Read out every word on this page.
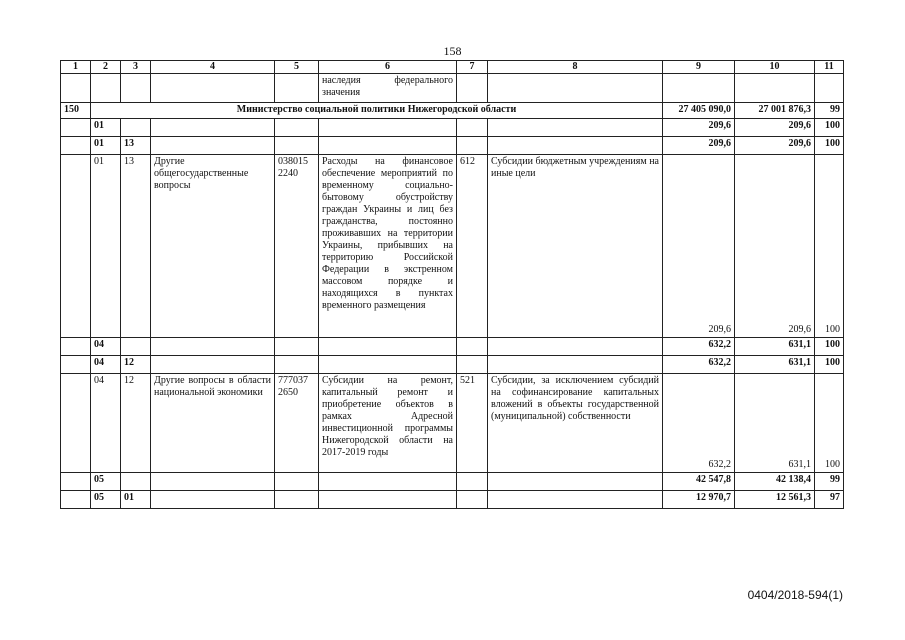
158
1	2	3	4	5	6	7	8	9	10	11
					наследия федерального значения					
150	Министерство социальной политики Нижегородской области							27 405 090,0	27 001 876,3	99
	01							209,6	209,6	100
	01	13						209,6	209,6	100
	01	13	Другие общегосударственные вопросы	038015 2240	Расходы на финансовое обеспечение мероприятий по временному социально-бытовому обустройству граждан Украины и лиц без гражданства, постоянно проживавших на территории Украины, прибывших на территорию Российской Федерации в экстренном массовом порядке и находящихся в пунктах временного размещения	612	Субсидии бюджетным учреждениям на иные цели	209,6	209,6	100
	04							632,2	631,1	100
	04	12						632,2	631,1	100
	04	12	Другие вопросы в области национальной экономики	777037 2650	Субсидии на ремонт, капитальный ремонт и приобретение объектов в рамках Адресной инвестиционной программы Нижегородской области на 2017-2019 годы	521	Субсидии, за исключением субсидий на софинансирование капитальных вложений в объекты государственной (муниципальной) собственности	632,2	631,1	100
	05							42 547,8	42 138,4	99
	05	01						12 970,7	12 561,3	97
0404/2018-594(1)
